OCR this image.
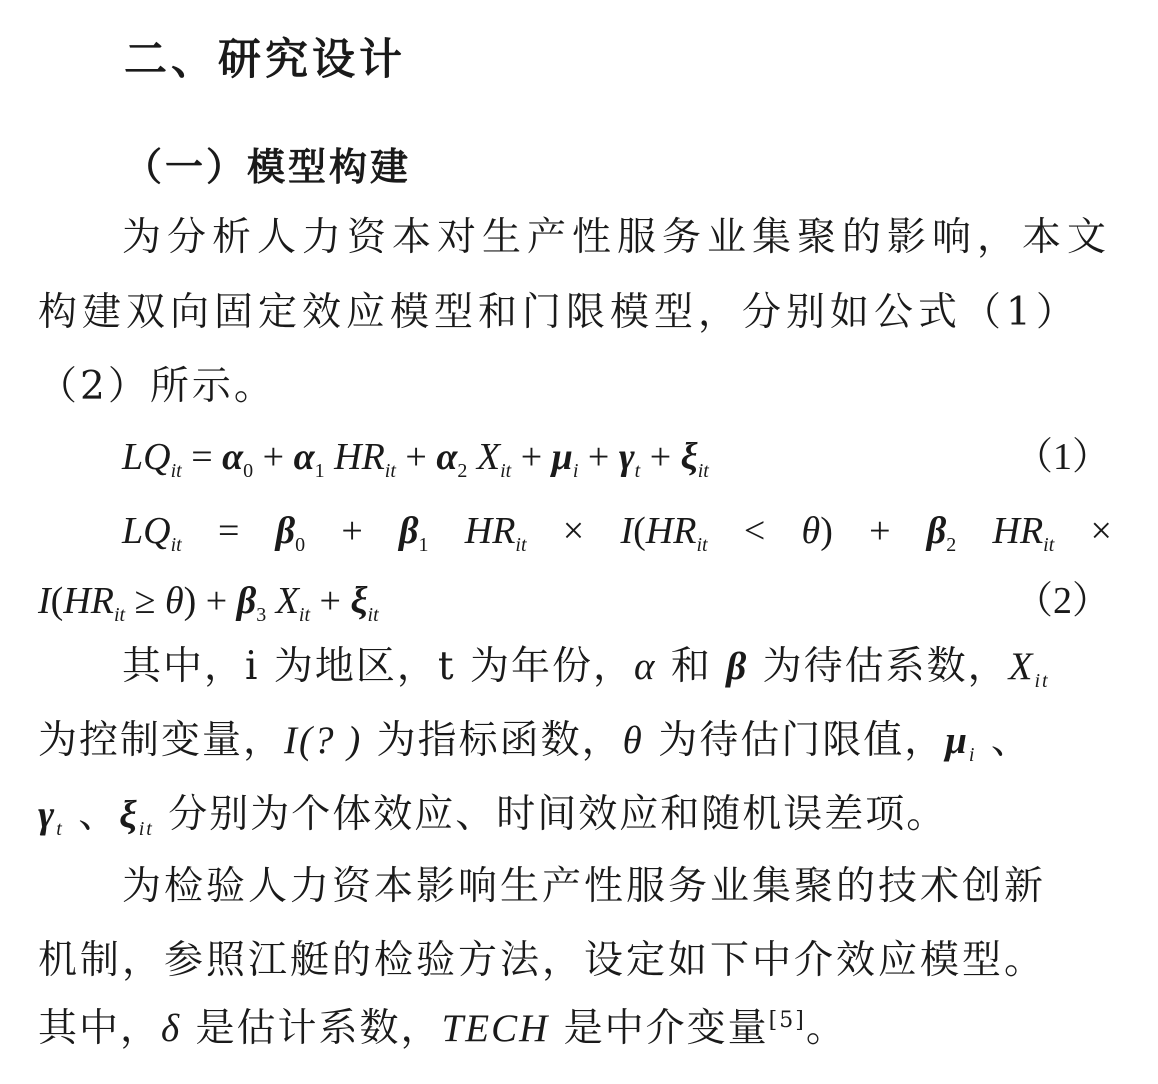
二、研究设计
（一）模型构建
为分析人力资本对生产性服务业集聚的影响，本文
构建双向固定效应模型和门限模型，分别如公式（1）
（2）所示。
$LQ_{it} = \alpha_0 + \alpha_1$ $HR_{it} + \alpha_2$ $X_{it} + \mu_i + \gamma_t + \xi_{it}$	（1）
$LQ_{it} = \beta_0 + \beta_1$ $HR_{it} \times I(HR_{it} < \theta) + \beta_2$ $HR_{it}$ ×
$I(HR_{it} \ge \theta) + \beta_3$ $X_{it} + \xi_{it}$	（2）
其中，i 为地区，t 为年份，α 和 β 为待估系数，$X_{it}$
为控制变量，I(? ) 为指标函数，θ 为待估门限值，$\mu_i$ 、
$\gamma_t$ 、$\xi_{it}$ 分别为个体效应、时间效应和随机误差项。
为检验人力资本影响生产性服务业集聚的技术创新
机制，参照江艇的检验方法，设定如下中介效应模型。
其中，δ 是估计系数，TECH 是中介变量[5]。
